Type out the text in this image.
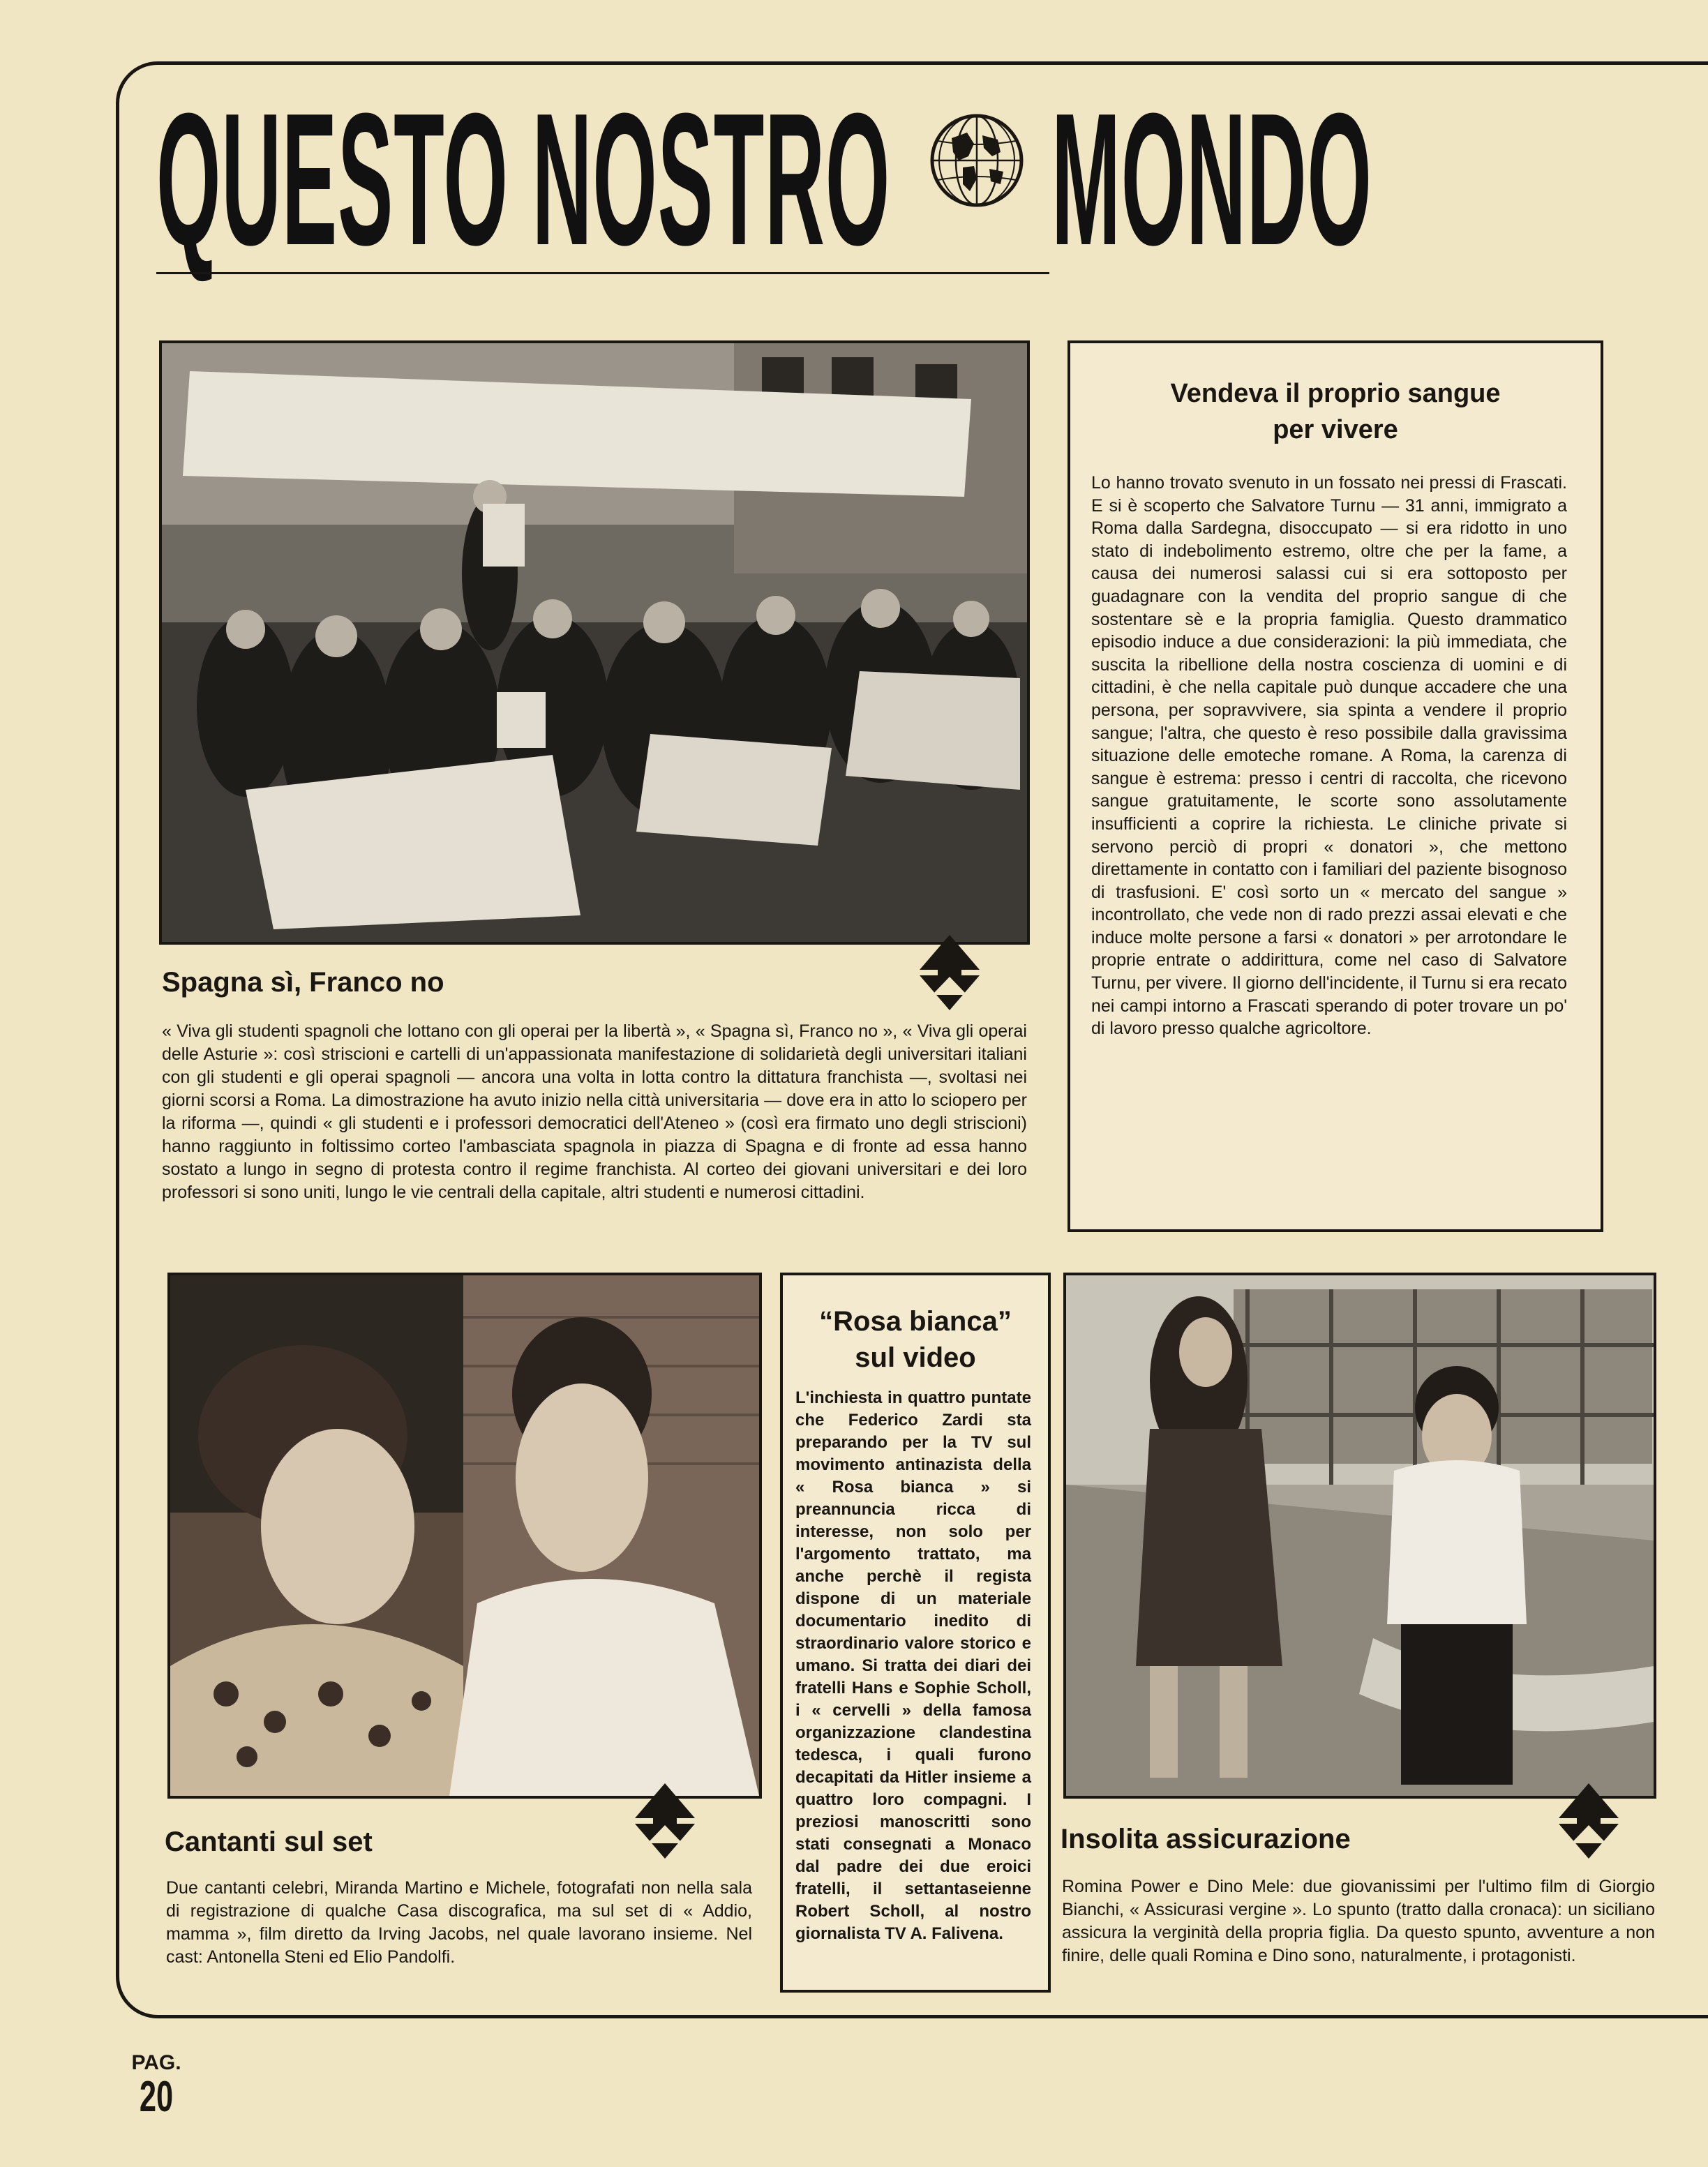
QUESTO NOSTRO MONDO
Spagna sì, Franco no

« Viva gli studenti spagnoli che lottano con gli operai per la libertà », « Spagna sì, Franco no », « Viva gli operai delle Asturie »: così striscioni e cartelli di un'appassionata manifestazione di solidarietà degli universitari italiani con gli studenti e gli operai spagnoli — ancora una volta in lotta contro la dittatura franchista —, svoltasi nei giorni scorsi a Roma. La dimostrazione ha avuto inizio nella città universitaria — dove era in atto lo sciopero per la riforma —, quindi « gli studenti e i professori democratici dell'Ateneo » (così era firmato uno degli striscioni) hanno raggiunto in foltissimo corteo l'ambasciata spagnola in piazza di Spagna e di fronte ad essa hanno sostato a lungo in segno di protesta contro il regime franchista. Al corteo dei giovani universitari e dei loro professori si sono uniti, lungo le vie centrali della capitale, altri studenti e numerosi cittadini.

Vendeva il proprio sangue
per vivere

Lo hanno trovato svenuto in un fossato nei pressi di Frascati. E si è scoperto che Salvatore Turnu — 31 anni, immigrato a Roma dalla Sardegna, disoccupato — si era ridotto in uno stato di indebolimento estremo, oltre che per la fame, a causa dei numerosi salassi cui si era sottoposto per guadagnare con la vendita del proprio sangue di che sostentare sè e la propria famiglia. Questo drammatico episodio induce a due considerazioni: la più immediata, che suscita la ribellione della nostra coscienza di uomini e di cittadini, è che nella capitale può dunque accadere che una persona, per sopravvivere, sia spinta a vendere il proprio sangue; l'altra, che questo è reso possibile dalla gravissima situazione delle emoteche romane. A Roma, la carenza di sangue è estrema: presso i centri di raccolta, che ricevono sangue gratuitamente, le scorte sono assolutamente insufficienti a coprire la richiesta. Le cliniche private si servono perciò di propri « donatori », che mettono direttamente in contatto con i familiari del paziente bisognoso di trasfusioni. E' così sorto un « mercato del sangue » incontrollato, che vede non di rado prezzi assai elevati e che induce molte persone a farsi « donatori » per arrotondare le proprie entrate o addirittura, come nel caso di Salvatore Turnu, per vivere. Il giorno dell'incidente, il Turnu si era recato nei campi intorno a Frascati sperando di poter trovare un po' di lavoro presso qualche agricoltore.

Cantanti sul set

Due cantanti celebri, Miranda Martino e Michele, fotografati non nella sala di registrazione di qualche Casa discografica, ma sul set di « Addio, mamma », film diretto da Irving Jacobs, nel quale lavorano insieme. Nel cast: Antonella Steni ed Elio Pandolfi.

“Rosa bianca”
sul video

L'inchiesta in quattro puntate che Federico Zardi sta preparando per la TV sul movimento antinazista della « Rosa bianca » si preannuncia ricca di interesse, non solo per l'argomento trattato, ma anche perchè il regista dispone di un materiale documentario inedito di straordinario valore storico e umano. Si tratta dei diari dei fratelli Hans e Sophie Scholl, i « cervelli » della famosa organizzazione clandestina tedesca, i quali furono decapitati da Hitler insieme a quattro loro compagni. I preziosi manoscritti sono stati consegnati a Monaco dal padre dei due eroici fratelli, il settantaseienne Robert Scholl, al nostro giornalista TV A. Falivena.

Insolita assicurazione

Romina Power e Dino Mele: due giovanissimi per l'ultimo film di Giorgio Bianchi, « Assicurasi vergine ». Lo spunto (tratto dalla cronaca): un siciliano assicura la verginità della propria figlia. Da questo spunto, avventure a non finire, delle quali Romina e Dino sono, naturalmente, i protagonisti.

PAG.
20
